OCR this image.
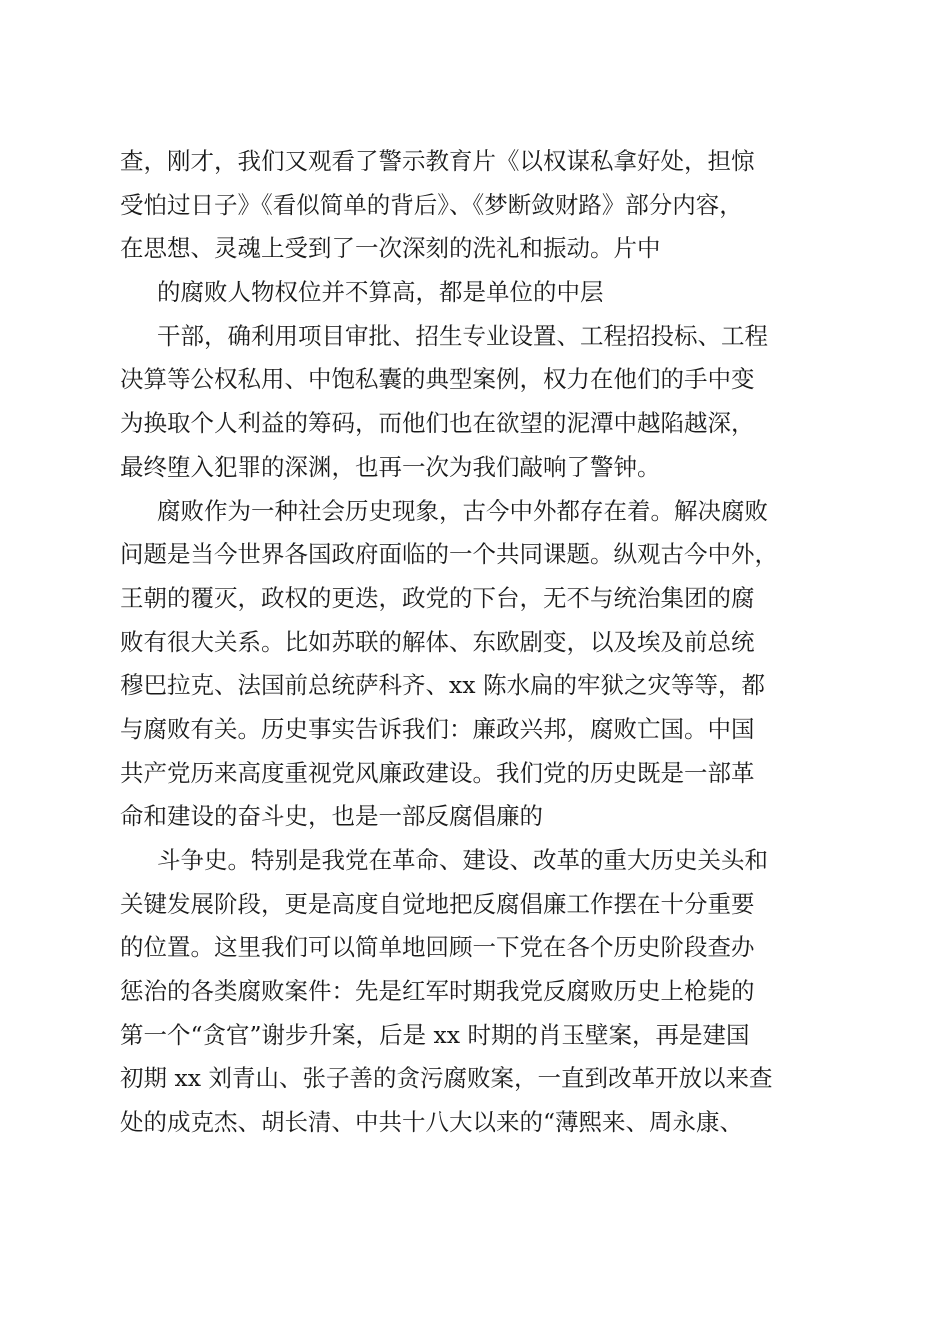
查，刚才，我们又观看了警示教育片《以权谋私拿好处，担惊
受怕过日子》《看似简单的背后》、《梦断敛财路》部分内容，
在思想、灵魂上受到了一次深刻的洗礼和振动。片中
的腐败人物权位并不算高，都是单位的中层
干部，确利用项目审批、招生专业设置、工程招投标、工程
决算等公权私用、中饱私囊的典型案例，权力在他们的手中变
为换取个人利益的筹码，而他们也在欲望的泥潭中越陷越深，
最终堕入犯罪的深渊，也再一次为我们敲响了警钟。
腐败作为一种社会历史现象，古今中外都存在着。解决腐败
问题是当今世界各国政府面临的一个共同课题。纵观古今中外，
王朝的覆灭，政权的更迭，政党的下台，无不与统治集团的腐
败有很大关系。比如苏联的解体、东欧剧变，以及埃及前总统
穆巴拉克、法国前总统萨科齐、xx 陈水扁的牢狱之灾等等，都
与腐败有关。历史事实告诉我们：廉政兴邦，腐败亡国。中国
共产党历来高度重视党风廉政建设。我们党的历史既是一部革
命和建设的奋斗史，也是一部反腐倡廉的
斗争史。特别是我党在革命、建设、改革的重大历史关头和
关键发展阶段，更是高度自觉地把反腐倡廉工作摆在十分重要
的位置。这里我们可以简单地回顾一下党在各个历史阶段查办
惩治的各类腐败案件：先是红军时期我党反腐败历史上枪毙的
第一个“贪官”谢步升案，后是 xx 时期的肖玉壁案，再是建国
初期 xx 刘青山、张子善的贪污腐败案，一直到改革开放以来查
处的成克杰、胡长清、中共十八大以来的“薄熙来、周永康、
